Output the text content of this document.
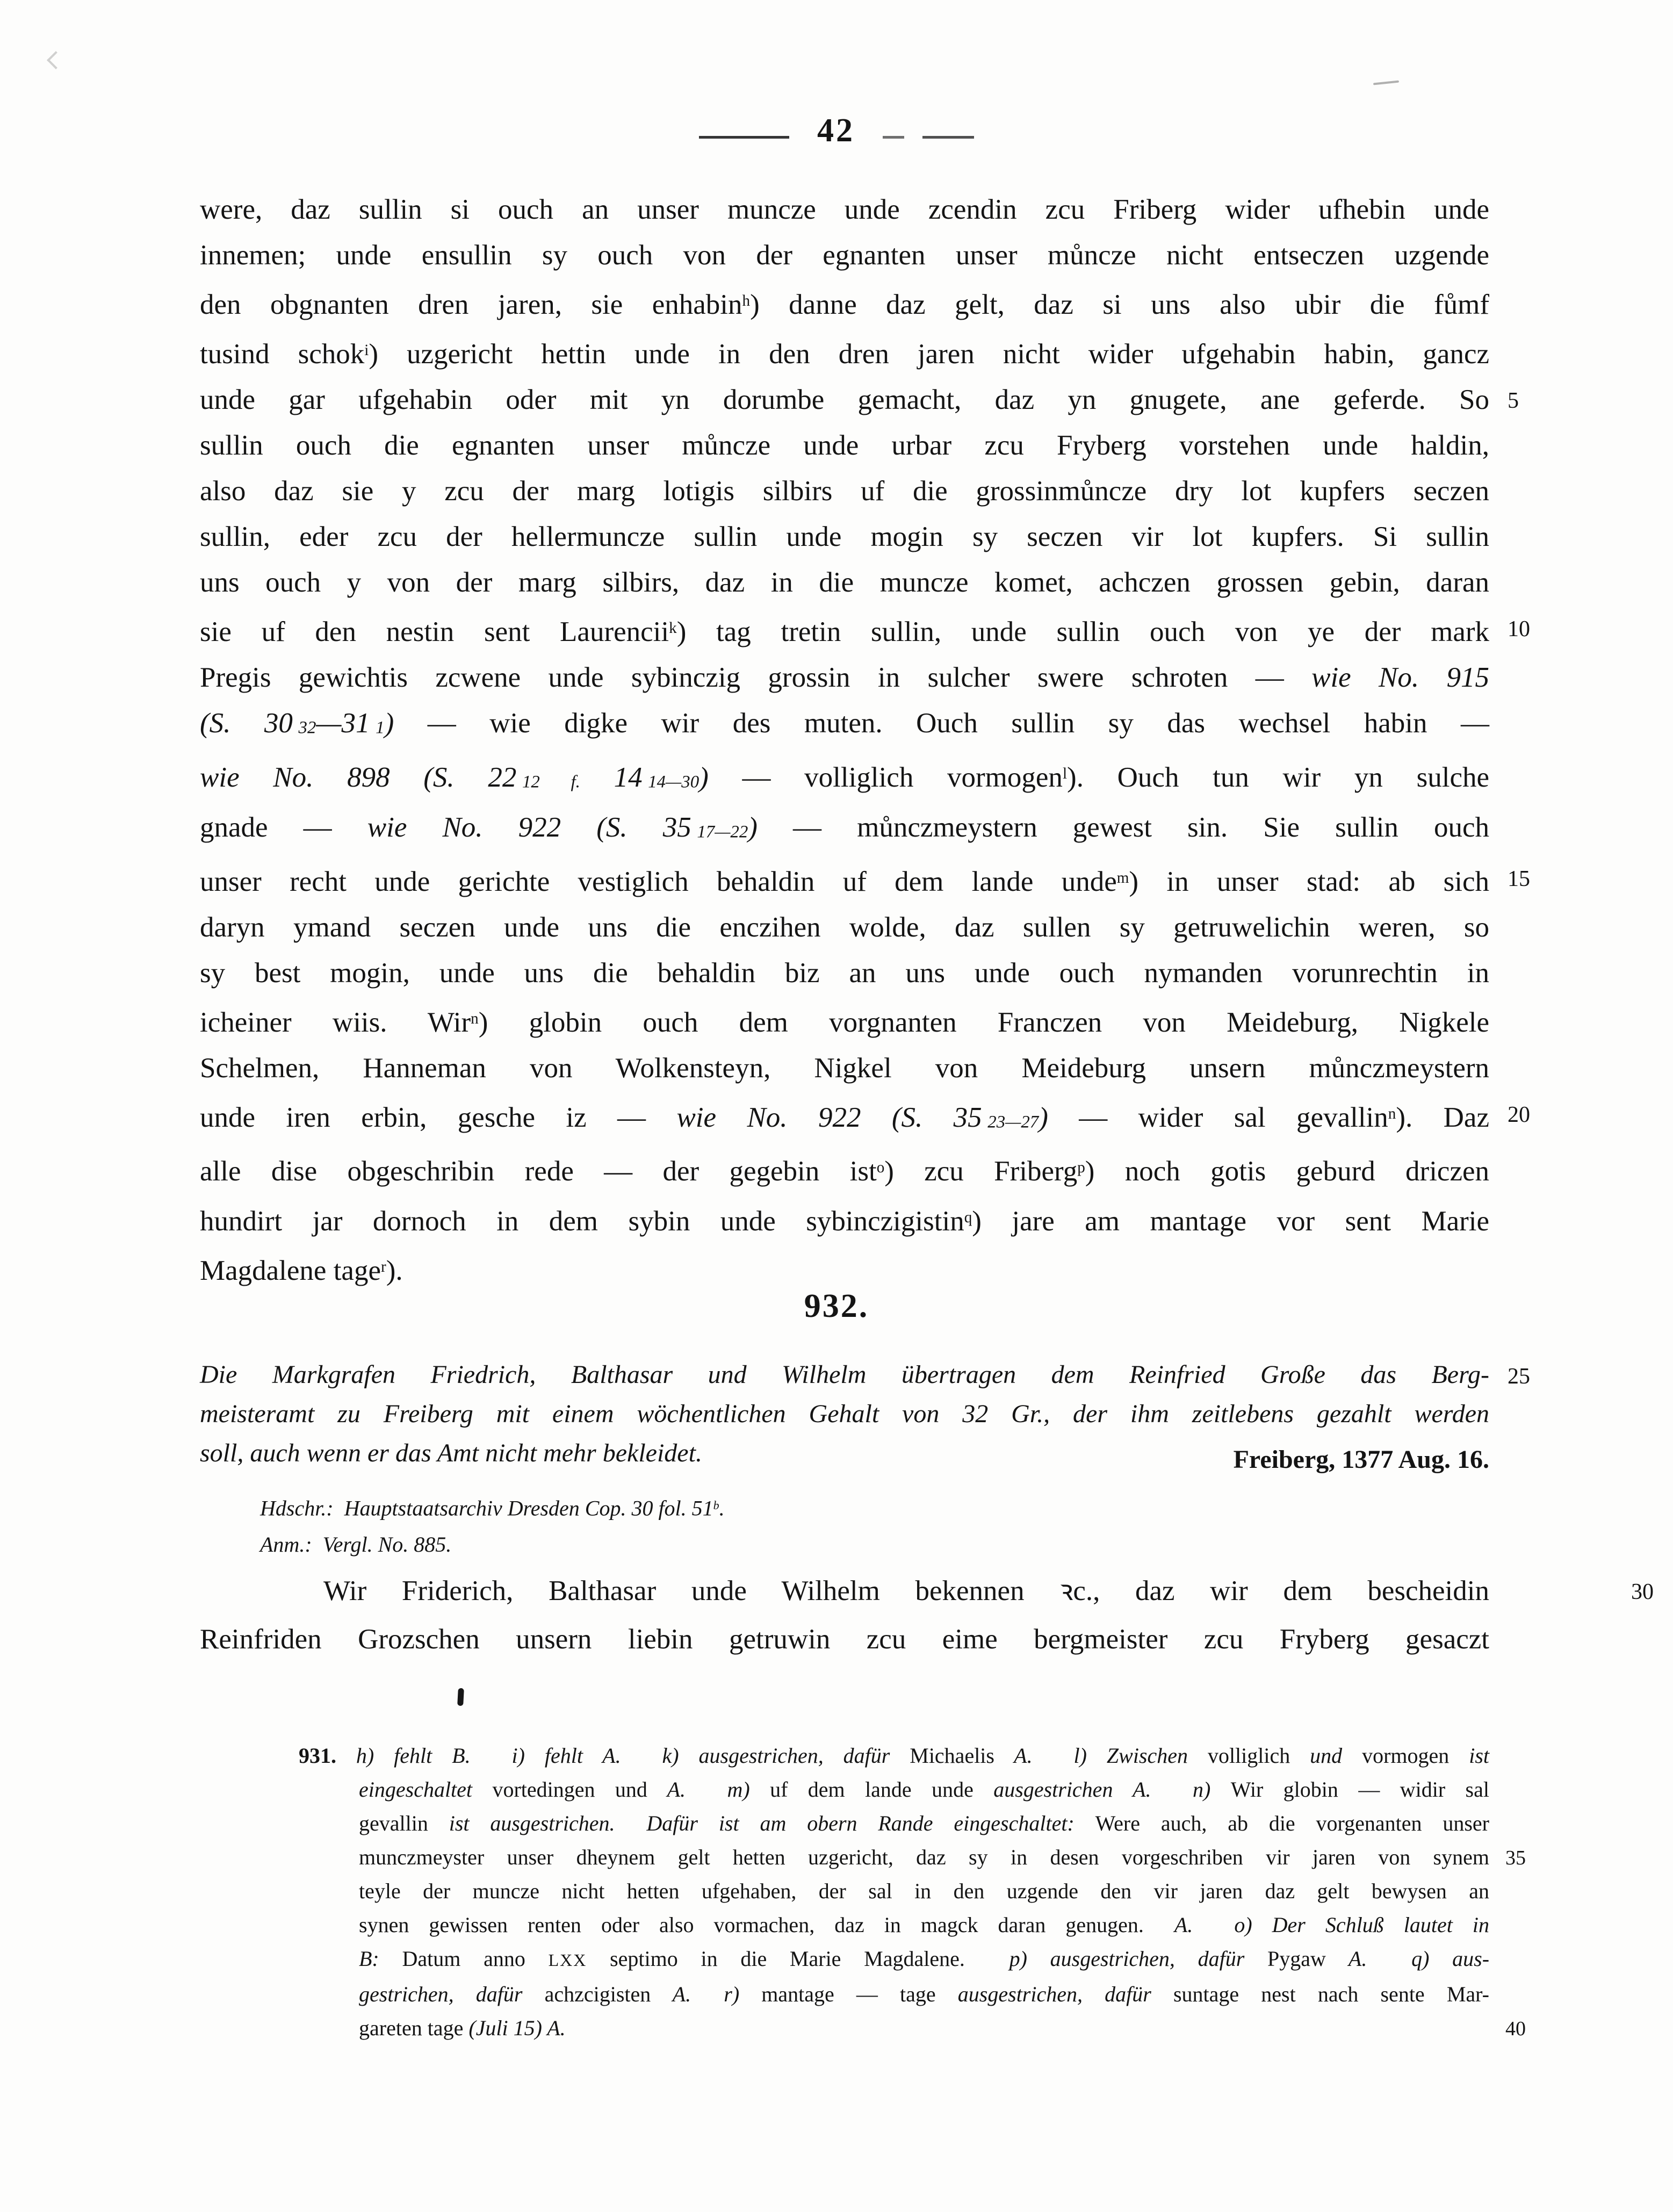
42
were, daz sullin si ouch an unser muncze unde zcendin zcu Friberg wider ufhebin unde
innemen; unde ensullin sy ouch von der egnanten unser můncze nicht entseczen uzgende
den obgnanten dren jaren, sie enhabin$^h$) danne daz gelt, daz si uns also ubir die fůmf
tusind schok$^i$) uzgericht hettin unde in den dren jaren nicht wider ufgehabin habin, gancz
unde gar ufgehabin oder mit yn dorumbe gemacht, daz yn gnugete, ane geferde. So 5
sullin ouch die egnanten unser můncze unde urbar zcu Fryberg vorstehen unde haldin,
also daz sie y zcu der marg lotigis silbirs uf die grossinmůncze dry lot kupfers seczen
sullin, eder zcu der hellermuncze sullin unde mogin sy seczen vir lot kupfers. Si sullin
uns ouch y von der marg silbirs, daz in die muncze komet, achczen grossen gebin, daran
sie uf den nestin sent Laurencii$^k$) tag tretin sullin, unde sullin ouch von ye der mark 10
Pregis gewichtis zcwene unde sybinczig grossin in sulcher swere schroten — wie No. 915
(S. 30 32—31 1) — wie digke wir des muten. Ouch sullin sy das wechsel habin —
wie No. 898 (S. 22 12 f. 14 14—30) — volliglich vormogen$^l$). Ouch tun wir yn sulche
gnade — wie No. 922 (S. 35 17—22) — můnczmeystern gewest sin. Sie sullin ouch
unser recht unde gerichte vestiglich behaldin uf dem lande unde$^m$) in unser stad: ab sich 15
daryn ymand seczen unde uns die enczihen wolde, daz sullen sy getruwelichin weren, so
sy best mogin, unde uns die behaldin biz an uns unde ouch nymanden vorunrechtin in
icheiner wiis. Wir$^n$) globin ouch dem vorgnanten Franczen von Meideburg, Nigkele
Schelmen, Hanneman von Wolkensteyn, Nigkel von Meideburg unsern můnczmeystern
unde iren erbin, gesche iz — wie No. 922 (S. 35 23—27) — wider sal gevallin$^n$). Daz 20
alle dise obgeschribin rede — der gegebin ist$^o$) zcu Friberg$^p$) noch gotis geburd driczen
hundirt jar dornoch in dem sybin unde sybinczigistin$^q$) jare am mantage vor sent Marie
Magdalene tage$^r$).
932.
Die Markgrafen Friedrich, Balthasar und Wilhelm übertragen dem Reinfried Große das Berg- 25
meisteramt zu Freiberg mit einem wöchentlichen Gehalt von 32 Gr., der ihm zeitlebens gezahlt werden
soll, auch wenn er das Amt nicht mehr bekleidet.	Freiberg, 1377 Aug. 16.
Hdschr.: Hauptstaatsarchiv Dresden Cop. 30 fol. 51$^b$.
Anm.: Vergl. No. 885.
Wir Friderich, Balthasar unde Wilhelm bekennen ꝛc., daz wir dem bescheidin	30
Reinfriden Grozschen unsern liebin getruwin zcu eime bergmeister zcu Fryberg gesaczt
931. h) fehlt B.  i) fehlt A.  k) ausgestrichen, dafür Michaelis A.  l) Zwischen volliglich und vormogen ist
eingeschaltet vortedingen und A.  m) uf dem lande unde ausgestrichen A.  n) Wir globin — widir sal
gevallin ist ausgestrichen.  Dafür ist am obern Rande eingeschaltet: Were auch, ab die vorgenanten unser
munczmeyster unser dheynem gelt hetten uzgericht, daz sy in desen vorgeschriben vir jaren von synem 35
teyle der muncze nicht hetten ufgehaben, der sal in den uzgende den vir jaren daz gelt bewysen an
synen gewissen renten oder also vormachen, daz in magck daran genugen.  A.  o) Der Schluß lautet in
B: Datum anno LXX septimo in die Marie Magdalene.  p) ausgestrichen, dafür Pygaw A.  q) aus-
gestrichen, dafür achzcigisten A.  r) mantage — tage ausgestrichen, dafür suntage nest nach sente Mar-
gareten tage (Juli 15) A.	40
